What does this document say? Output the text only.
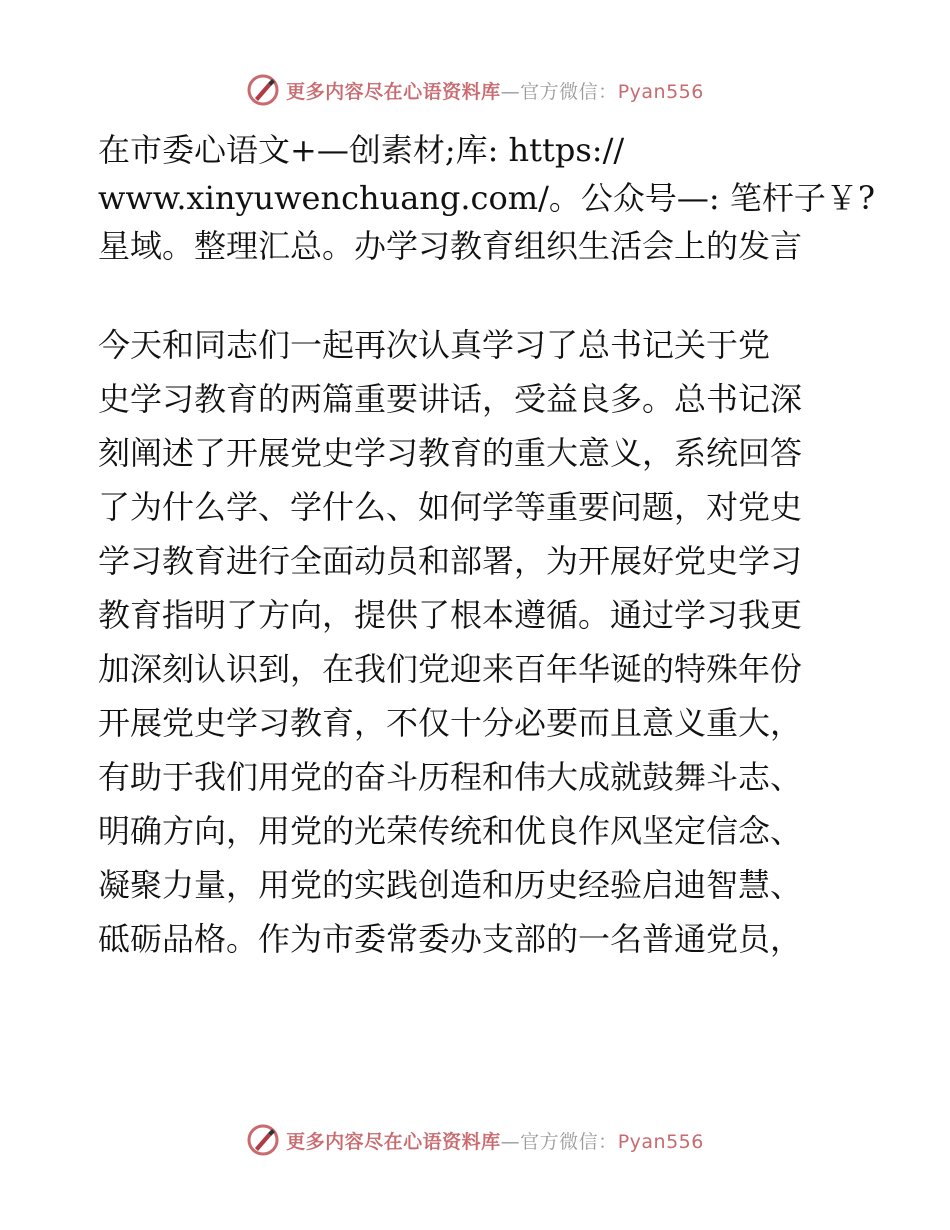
更多内容尽在心语资料库—官方微信：Pyan556
在市委心语文+—创素材;库: https://
www.xinyuwenchuang.com/。公众号—: 笔杆子￥?
星域。整理汇总。办学习教育组织生活会上的发言
今天和同志们一起再次认真学习了总书记关于党
史学习教育的两篇重要讲话，受益良多。总书记深
刻阐述了开展党史学习教育的重大意义，系统回答
了为什么学、学什么、如何学等重要问题，对党史
学习教育进行全面动员和部署，为开展好党史学习
教育指明了方向，提供了根本遵循。通过学习我更
加深刻认识到，在我们党迎来百年华诞的特殊年份
开展党史学习教育，不仅十分必要而且意义重大，
有助于我们用党的奋斗历程和伟大成就鼓舞斗志、
明确方向，用党的光荣传统和优良作风坚定信念、
凝聚力量，用党的实践创造和历史经验启迪智慧、
砥砺品格。作为市委常委办支部的一名普通党员，
更多内容尽在心语资料库—官方微信：Pyan556
